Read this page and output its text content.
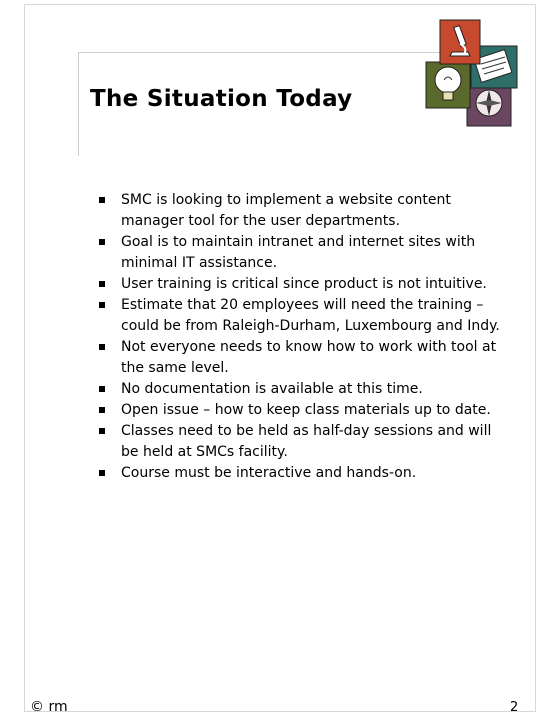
The Situation Today
SMC is looking to implement a website content manager tool for the user departments.
Goal is to maintain intranet and internet sites with minimal IT assistance.
User training is critical since product is not intuitive.
Estimate that 20 employees will need the training – could be from Raleigh-Durham, Luxembourg and Indy.
Not everyone needs to know how to work with tool at the same level.
No documentation is available at this time.
Open issue – how to keep class materials up to date.
Classes need to be held as half-day sessions and will be held at SMCs facility.
Course must be interactive and hands-on.
© rm	2
